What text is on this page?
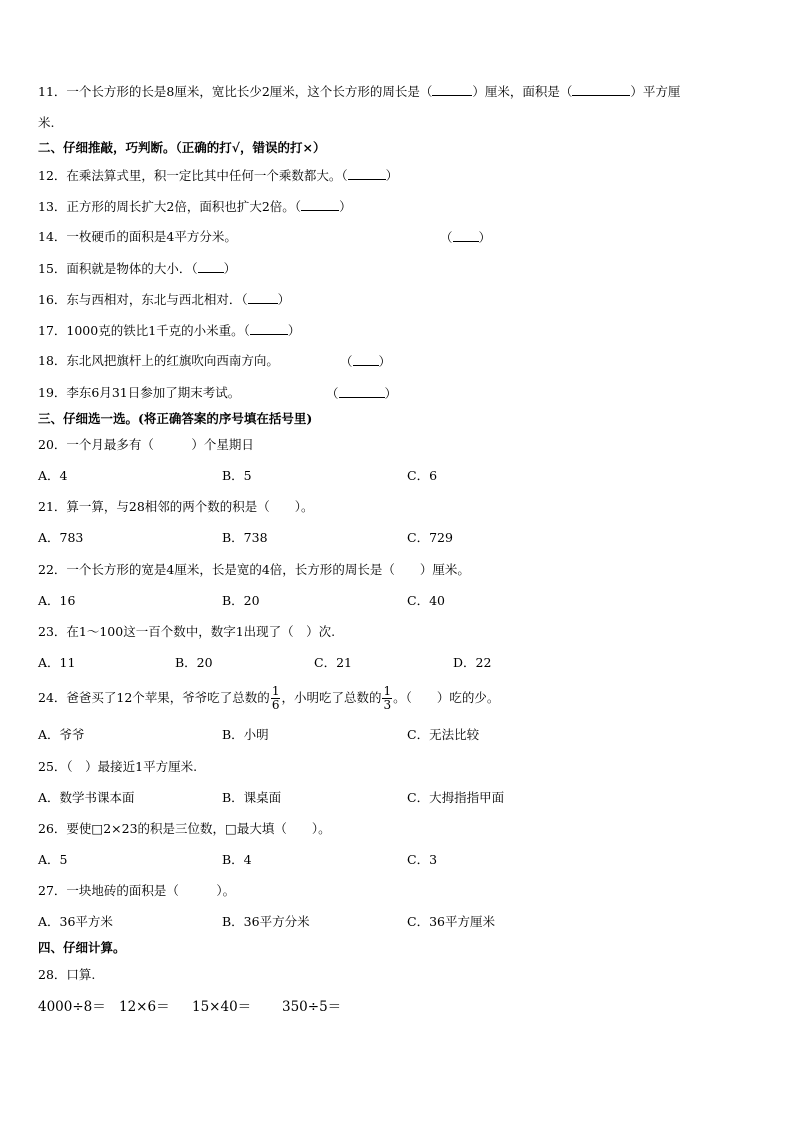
11．一个长方形的长是8厘米，宽比长少2厘米，这个长方形的周长是（	）厘米，面积是（	）平方厘
米.
二、仔细推敲，巧判断。（正确的打√，错误的打×）
12．在乘法算式里，积一定比其中任何一个乘数都大。（	）
13．正方形的周长扩大2倍，面积也扩大2倍。（	）
14．一枚硬币的面积是4平方分米。	（ ）
15．面积就是物体的大小．（ ）
16．东与西相对，东北与西北相对．（ ）
17．1000克的铁比1千克的小米重。（	）
18．东北风把旗杆上的红旗吹向西南方向。	（ ）
19．李东6月31日参加了期末考试。	（	）
三、仔细选一选。(将正确答案的序号填在括号里)
20．一个月最多有（　　　）个星期日
A．4	B．5	C．6
21．算一算，与28相邻的两个数的积是（　　）。
A．783	B．738	C．729
22．一个长方形的宽是4厘米，长是宽的4倍，长方形的周长是（　　）厘米。
A．16	B．20	C．40
23．在1～100这一百个数中，数字1出现了（　）次.
A．11	B．20	C．21	D．22
24．爸爸买了12个苹果，爷爷吃了总数的 $\frac{1}{6}$ ，小明吃了总数的 $\frac{1}{3}$ 。（　　）吃的少。
A．爷爷	B．小明	C．无法比较
25．（　）最接近1平方厘米.
A．数学书课本面	B．课桌面	C．大拇指指甲面
26．要使□2×23的积是三位数，□最大填（　　）。
A．5	B．4	C．3
27．一块地砖的面积是（　　　）。
A．36平方米	B．36平方分米	C．36平方厘米
四、仔细计算。
28．口算.
4000÷8＝ 12×6＝ 15×40＝ 350÷5＝
